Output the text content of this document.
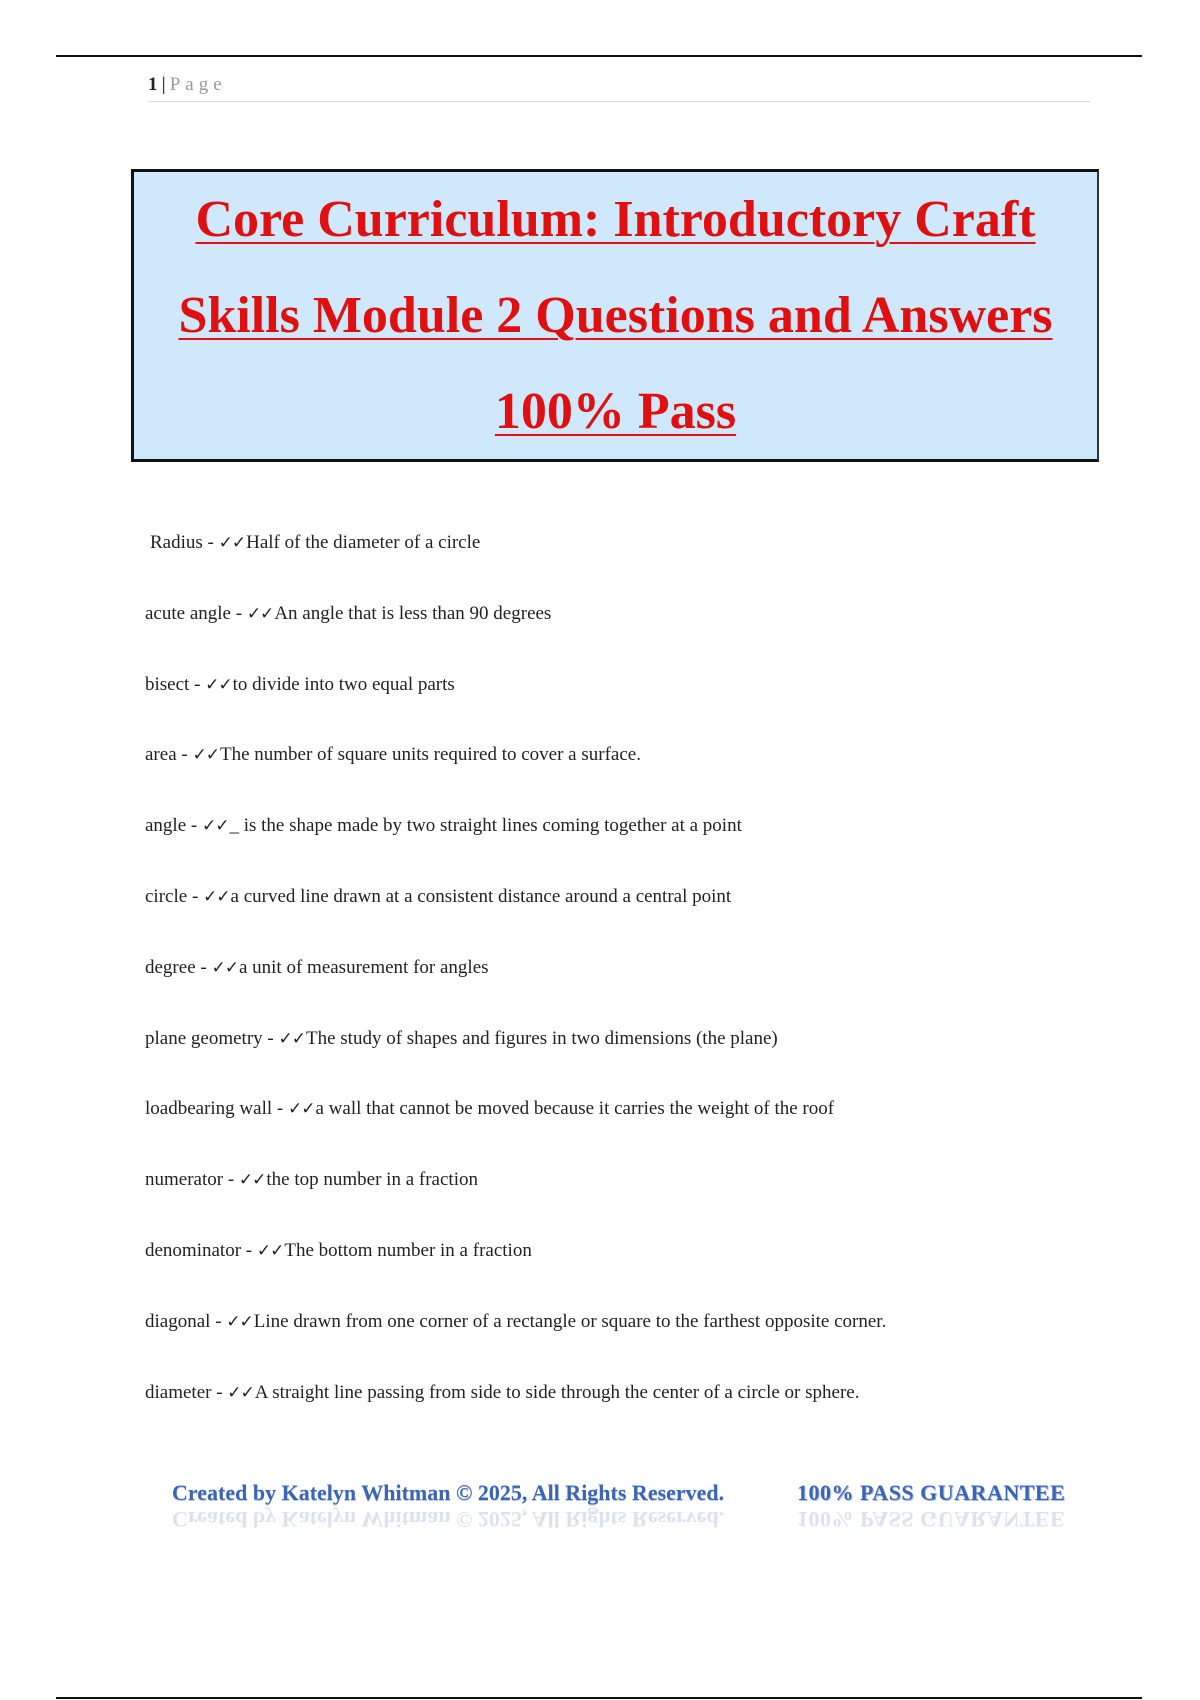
1 | Page
Core Curriculum: Introductory Craft Skills Module 2 Questions and Answers 100% Pass
Radius - ✓✓Half of the diameter of a circle
acute angle - ✓✓An angle that is less than 90 degrees
bisect - ✓✓to divide into two equal parts
area - ✓✓The number of square units required to cover a surface.
angle - ✓✓_ is the shape made by two straight lines coming together at a point
circle - ✓✓a curved line drawn at a consistent distance around a central point
degree - ✓✓a unit of measurement for angles
plane geometry - ✓✓The study of shapes and figures in two dimensions (the plane)
loadbearing wall - ✓✓a wall that cannot be moved because it carries the weight of the roof
numerator - ✓✓the top number in a fraction
denominator - ✓✓The bottom number in a fraction
diagonal - ✓✓Line drawn from one corner of a rectangle or square to the farthest opposite corner.
diameter - ✓✓A straight line passing from side to side through the center of a circle or sphere.
Created by Katelyn Whitman © 2025, All Rights Reserved.	100% PASS GUARANTEE
Created by Katelyn Whitman © 2025, All Rights Reserved.	100% PASS GUARANTEE
